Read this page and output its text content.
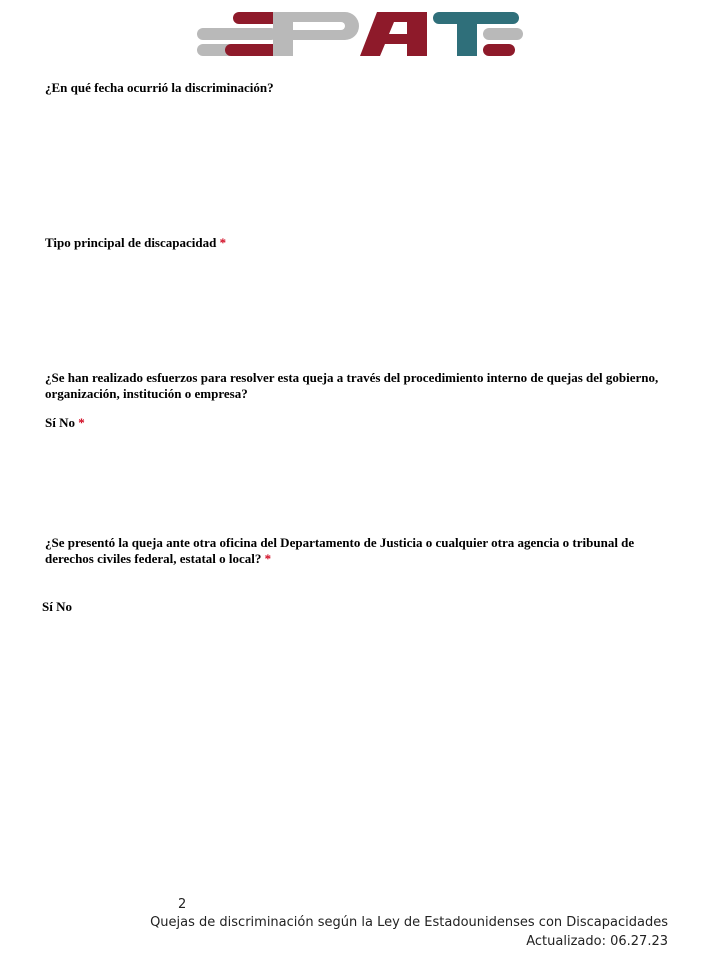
¿En qué fecha ocurrió la discriminación?

Tipo principal de discapacidad *

¿Se han realizado esfuerzos para resolver esta queja a través del procedimiento interno de quejas del gobierno, organización, institución o empresa?

Sí No *

¿Se presentó la queja ante otra oficina del Departamento de Justicia o cualquier otra agencia o tribunal de derechos civiles federal, estatal o local? *

Sí No
2
Quejas de discriminación según la Ley de Estadounidenses con Discapacidades
Actualizado: 06.27.23
